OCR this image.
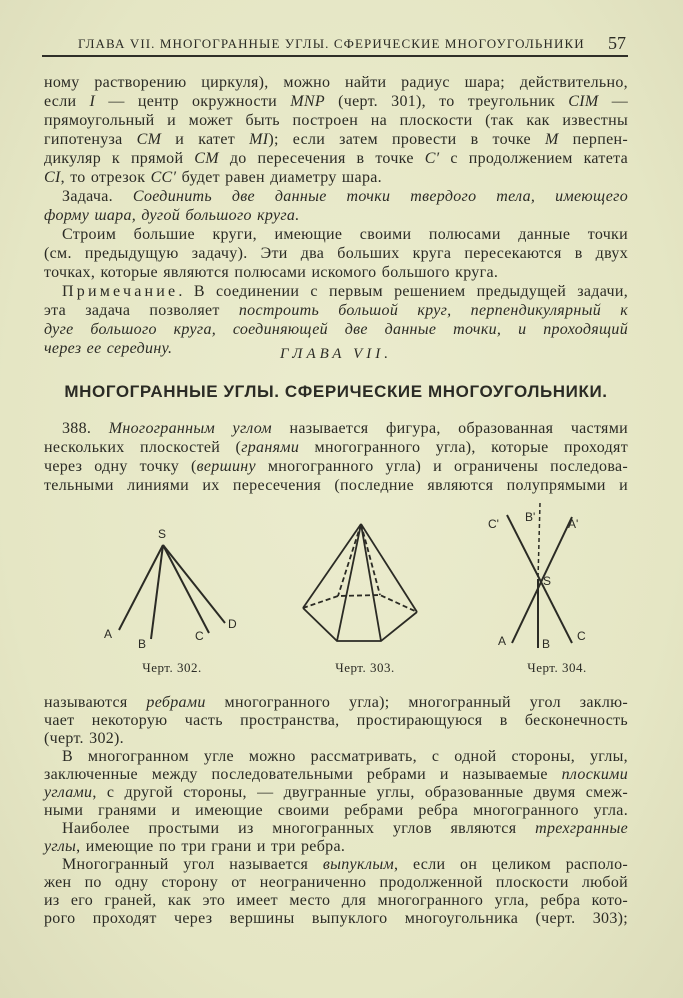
ГЛАВА VII. МНОГОГРАННЫЕ УГЛЫ. СФЕРИЧЕСКИЕ МНОГОУГОЛЬНИКИ 57
ному растворению циркуля), можно найти радиус шара; действительно,
если I — центр окружности MNP (черт. 301), то треугольник CIM —
прямоугольный и может быть построен на плоскости (так как известны
гипотенуза CM и катет MI); если затем провести в точке M перпен-
дикуляр к прямой CM до пересечения в точке C′ с продолжением катета
CI, то отрезок CC′ будет равен диаметру шара.
Задача. Соединить две данные точки твердого тела, имеющего
форму шара, дугой большого круга.
Строим большие круги, имеющие своими полюсами данные точки
(см. предыдущую задачу). Эти два больших круга пересекаются в двух
точках, которые являются полюсами искомого большого круга.
Примечание. В соединении с первым решением предыдущей задачи,
эта задача позволяет построить большой круг, перпендикулярный к
дуге большого круга, соединяющей две данные точки, и проходящий
через ее середину.	ГЛАВА VII.
МНОГОГРАННЫЕ УГЛЫ. СФЕРИЧЕСКИЕ МНОГОУГОЛЬНИКИ.
388. Многогранным углом называется фигура, образованная частями
нескольких плоскостей (гранями многогранного угла), которые проходят
через одну точку (вершину многогранного угла) и ограничены последова-
тельными линиями их пересечения (последние являются полупрямыми и
S
A
B
C
D
C' B'	A'
S
A	B
C
Черт. 302.	Черт. 303.	Черт. 304.
называются ребрами многогранного угла); многогранный угол заклю-
чает некоторую часть пространства, простирающуюся в бесконечность
(черт. 302).
В многогранном угле можно рассматривать, с одной стороны, углы,
заключенные между последовательными ребрами и называемые плоскими
углами, с другой стороны, — двугранные углы, образованные двумя смеж-
ными гранями и имеющие своими ребрами ребра многогранного угла.
Наиболее простыми из многогранных углов являются трехгранные
углы, имеющие по три грани и три ребра.
Многогранный угол называется выпуклым, если он целиком располо-
жен по одну сторону от неограниченно продолженной плоскости любой
из его граней, как это имеет место для многогранного угла, ребра кото-
рого проходят через вершины выпуклого многоугольника (черт. 303);
